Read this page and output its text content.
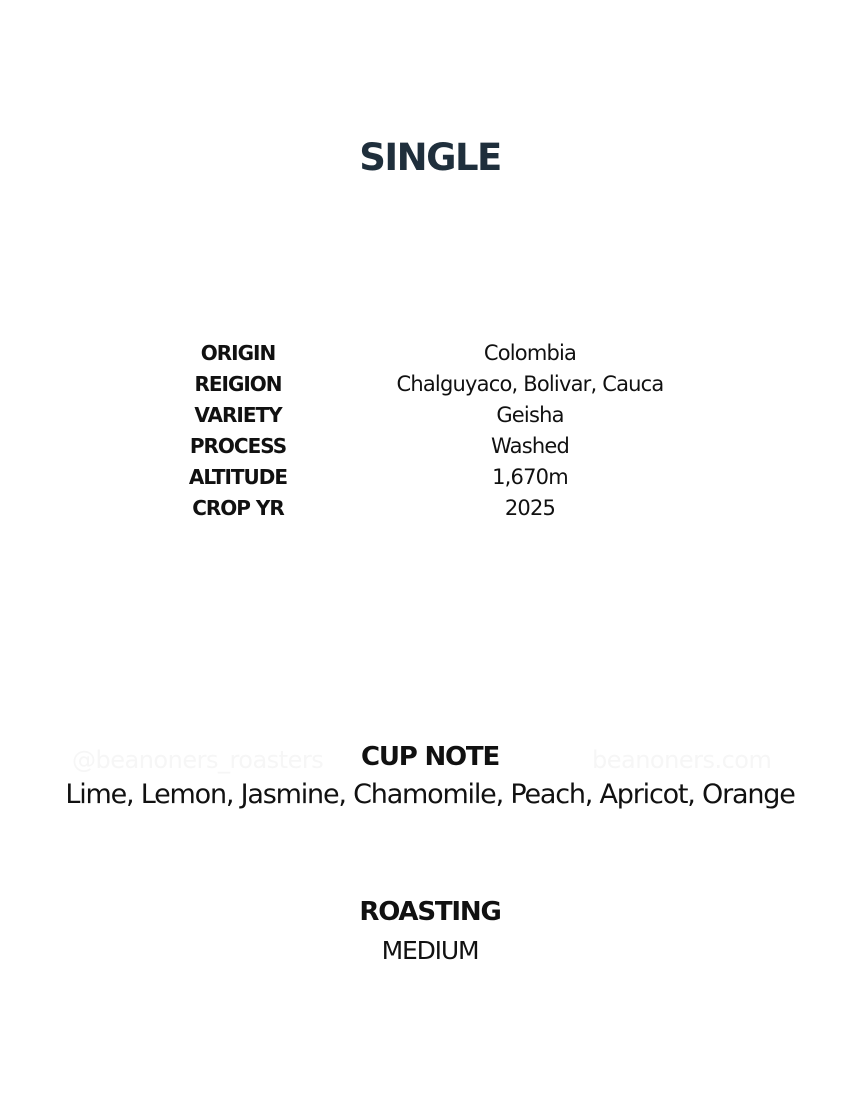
SINGLE
ORIGIN	Colombia
REIGION	Chalguyaco, Bolivar, Cauca
VARIETY	Geisha
PROCESS	Washed
ALTITUDE	1,670m
CROP YR	2025
@beanoners_roasters	beanoners.com
CUP NOTE
Lime, Lemon, Jasmine, Chamomile, Peach, Apricot, Orange
ROASTING
MEDIUM
